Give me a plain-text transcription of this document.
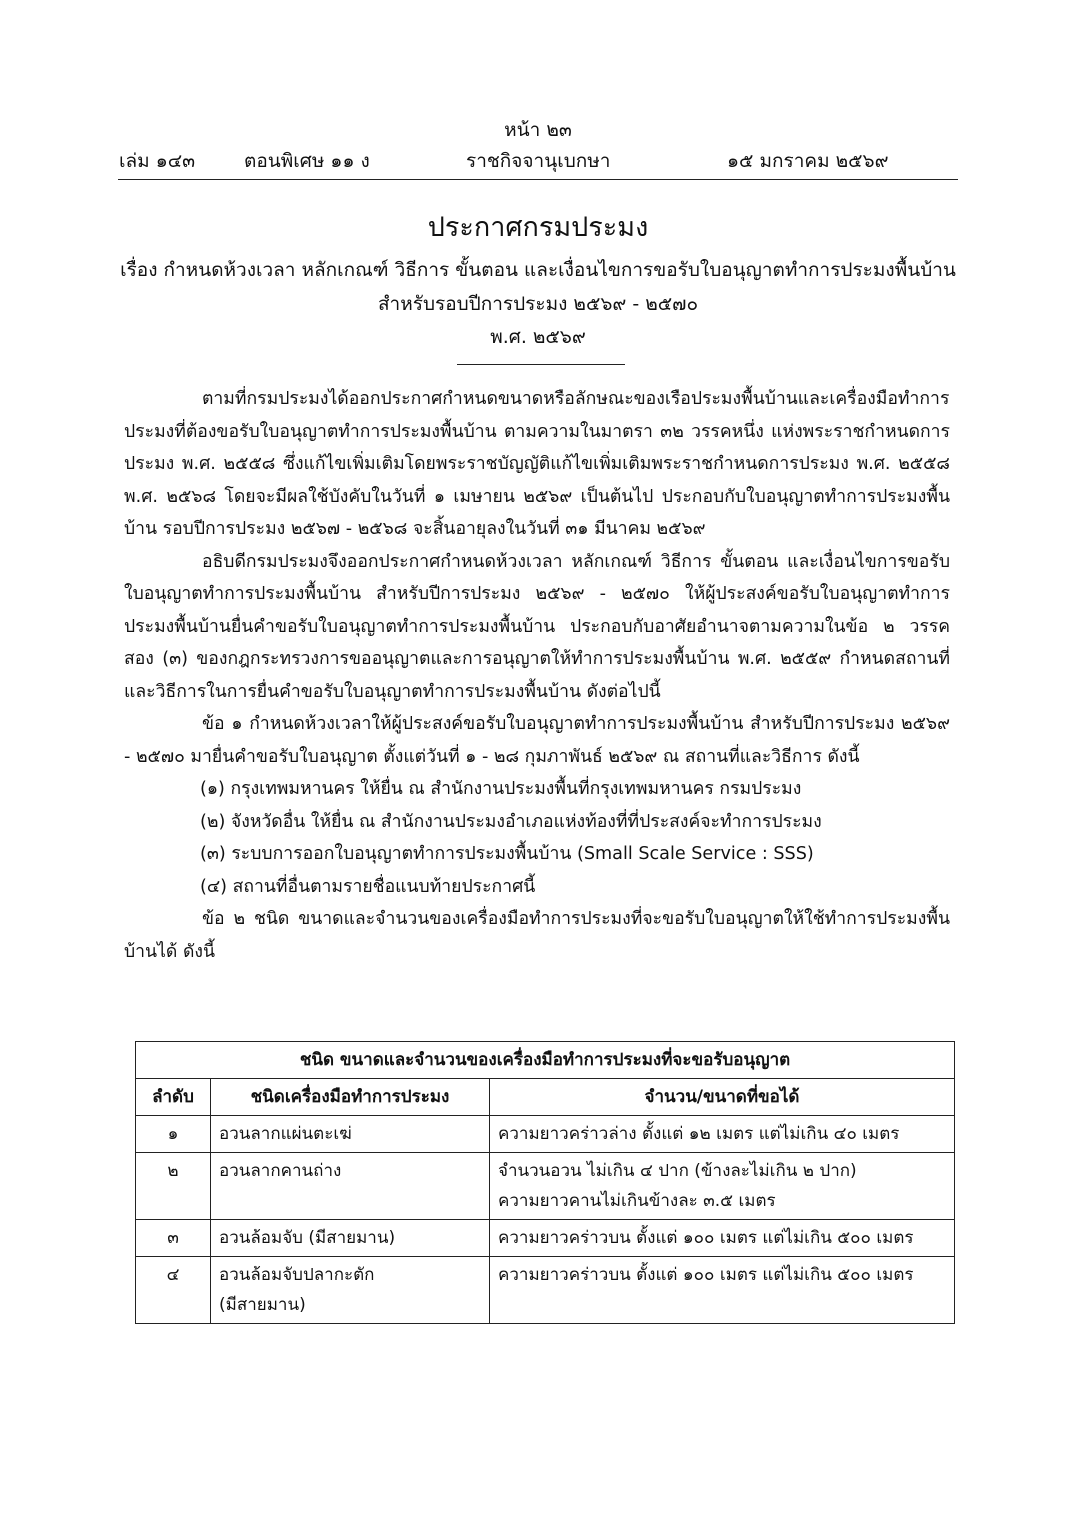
หน้า ๒๓
เล่ม ๑๔๓	ตอนพิเศษ ๑๑ ง	ราชกิจจานุเบกษา	๑๕ มกราคม ๒๕๖๙
ประกาศกรมประมง
เรื่อง กำหนดห้วงเวลา หลักเกณฑ์ วิธีการ ขั้นตอน และเงื่อนไขการขอรับใบอนุญาตทำการประมงพื้นบ้าน
สำหรับรอบปีการประมง ๒๕๖๙ - ๒๕๗๐
พ.ศ. ๒๕๖๙

ตามที่กรมประมงได้ออกประกาศกำหนดขนาดหรือลักษณะของเรือประมงพื้นบ้านและเครื่องมือทำการประมงที่ต้องขอรับใบอนุญาตทำการประมงพื้นบ้าน ตามความในมาตรา ๓๒ วรรคหนึ่ง แห่งพระราชกำหนดการประมง พ.ศ. ๒๕๕๘ ซึ่งแก้ไขเพิ่มเติมโดยพระราชบัญญัติแก้ไขเพิ่มเติมพระราชกำหนดการประมง พ.ศ. ๒๕๕๘ พ.ศ. ๒๕๖๘ โดยจะมีผลใช้บังคับในวันที่ ๑ เมษายน ๒๕๖๙ เป็นต้นไป ประกอบกับใบอนุญาตทำการประมงพื้นบ้าน รอบปีการประมง ๒๕๖๗ - ๒๕๖๘ จะสิ้นอายุลงในวันที่ ๓๑ มีนาคม ๒๕๖๙

อธิบดีกรมประมงจึงออกประกาศกำหนดห้วงเวลา หลักเกณฑ์ วิธีการ ขั้นตอน และเงื่อนไขการขอรับใบอนุญาตทำการประมงพื้นบ้าน สำหรับปีการประมง ๒๕๖๙ - ๒๕๗๐ ให้ผู้ประสงค์ขอรับใบอนุญาตทำการประมงพื้นบ้านยื่นคำขอรับใบอนุญาตทำการประมงพื้นบ้าน ประกอบกับอาศัยอำนาจตามความในข้อ ๒ วรรคสอง (๓) ของกฎกระทรวงการขออนุญาตและการอนุญาตให้ทำการประมงพื้นบ้าน พ.ศ. ๒๕๕๙ กำหนดสถานที่และวิธีการในการยื่นคำขอรับใบอนุญาตทำการประมงพื้นบ้าน ดังต่อไปนี้

ข้อ ๑ กำหนดห้วงเวลาให้ผู้ประสงค์ขอรับใบอนุญาตทำการประมงพื้นบ้าน สำหรับปีการประมง ๒๕๖๙ - ๒๕๗๐ มายื่นคำขอรับใบอนุญาต ตั้งแต่วันที่ ๑ - ๒๘ กุมภาพันธ์ ๒๕๖๙ ณ สถานที่และวิธีการ ดังนี้

(๑) กรุงเทพมหานคร ให้ยื่น ณ สำนักงานประมงพื้นที่กรุงเทพมหานคร กรมประมง

(๒) จังหวัดอื่น ให้ยื่น ณ สำนักงานประมงอำเภอแห่งท้องที่ที่ประสงค์จะทำการประมง

(๓) ระบบการออกใบอนุญาตทำการประมงพื้นบ้าน (Small Scale Service : SSS)

(๔) สถานที่อื่นตามรายชื่อแนบท้ายประกาศนี้

ข้อ ๒ ชนิด ขนาดและจำนวนของเครื่องมือทำการประมงที่จะขอรับใบอนุญาตให้ใช้ทำการประมงพื้นบ้านได้ ดังนี้

ชนิด ขนาดและจำนวนของเครื่องมือทำการประมงที่จะขอรับอนุญาต		
ลำดับ	ชนิดเครื่องมือทำการประมง	จำนวน/ขนาดที่ขอได้
๑	อวนลากแผ่นตะเฆ่	ความยาวคร่าวล่าง ตั้งแต่ ๑๒ เมตร แต่ไม่เกิน ๔๐ เมตร

๒	อวนลากคานถ่าง	จำนวนอวน ไม่เกิน ๔ ปาก (ข้างละไม่เกิน ๒ ปาก)
ความยาวคานไม่เกินข้างละ ๓.๕ เมตร

๓	อวนล้อมจับ (มีสายมาน)	ความยาวคร่าวบน ตั้งแต่ ๑๐๐ เมตร แต่ไม่เกิน ๕๐๐ เมตร

๔	อวนล้อมจับปลากะตัก
(มีสายมาน)	ความยาวคร่าวบน ตั้งแต่ ๑๐๐ เมตร แต่ไม่เกิน ๕๐๐ เมตร
